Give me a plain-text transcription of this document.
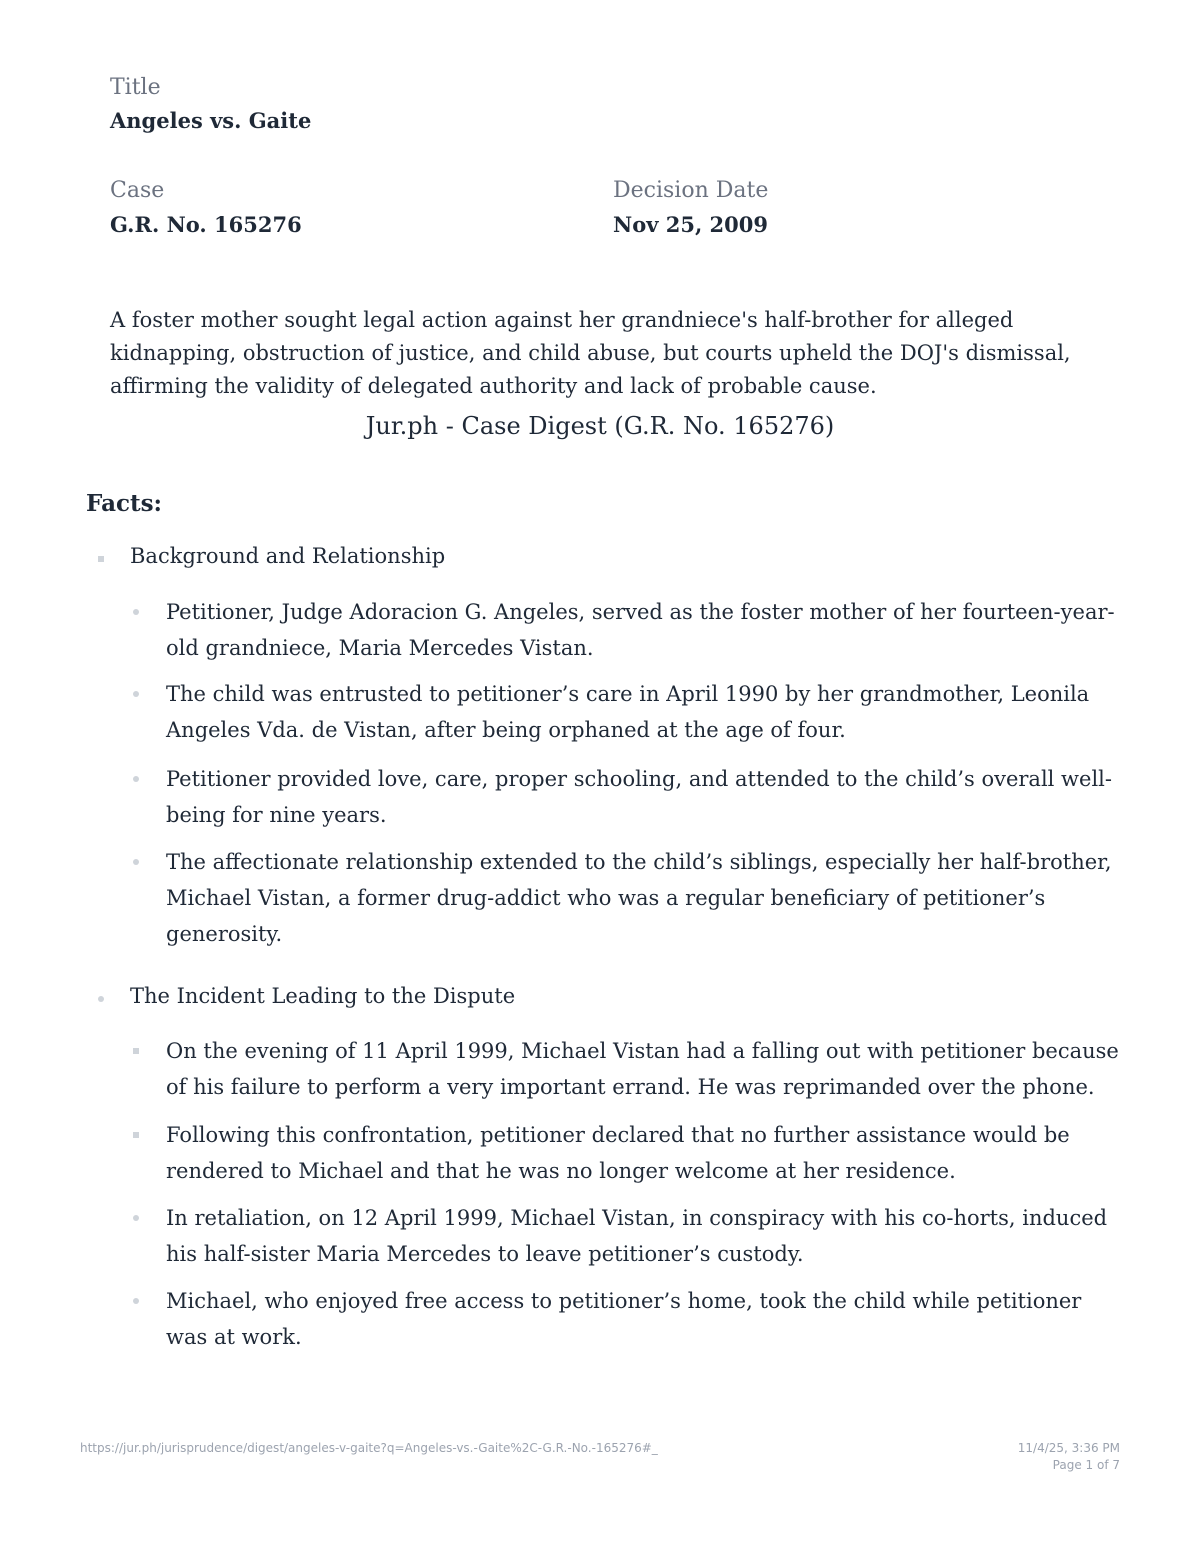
Title

Angeles vs. Gaite

Case

G.R. No. 165276

Decision Date

Nov 25, 2009

A foster mother sought legal action against her grandniece's half-brother for alleged kidnapping, obstruction of justice, and child abuse, but courts upheld the DOJ's dismissal, affirming the validity of delegated authority and lack of probable cause.

Jur.ph - Case Digest (G.R. No. 165276)

Facts:

Background and Relationship

Petitioner, Judge Adoracion G. Angeles, served as the foster mother of her fourteen-year-old grandniece, Maria Mercedes Vistan.

The child was entrusted to petitioner’s care in April 1990 by her grandmother, Leonila Angeles Vda. de Vistan, after being orphaned at the age of four.

Petitioner provided love, care, proper schooling, and attended to the child’s overall well-being for nine years.

The affectionate relationship extended to the child’s siblings, especially her half-brother, Michael Vistan, a former drug-addict who was a regular beneficiary of petitioner’s generosity.

The Incident Leading to the Dispute

On the evening of 11 April 1999, Michael Vistan had a falling out with petitioner because of his failure to perform a very important errand. He was reprimanded over the phone.

Following this confrontation, petitioner declared that no further assistance would be rendered to Michael and that he was no longer welcome at her residence.

In retaliation, on 12 April 1999, Michael Vistan, in conspiracy with his co-horts, induced his half-sister Maria Mercedes to leave petitioner’s custody.

Michael, who enjoyed free access to petitioner’s home, took the child while petitioner was at work.

https://jur.ph/jurisprudence/digest/angeles-v-gaite?q=Angeles-vs.-Gaite%2C-G.R.-No.-165276#_	11/4/25, 3:36 PM

Page 1 of 7
